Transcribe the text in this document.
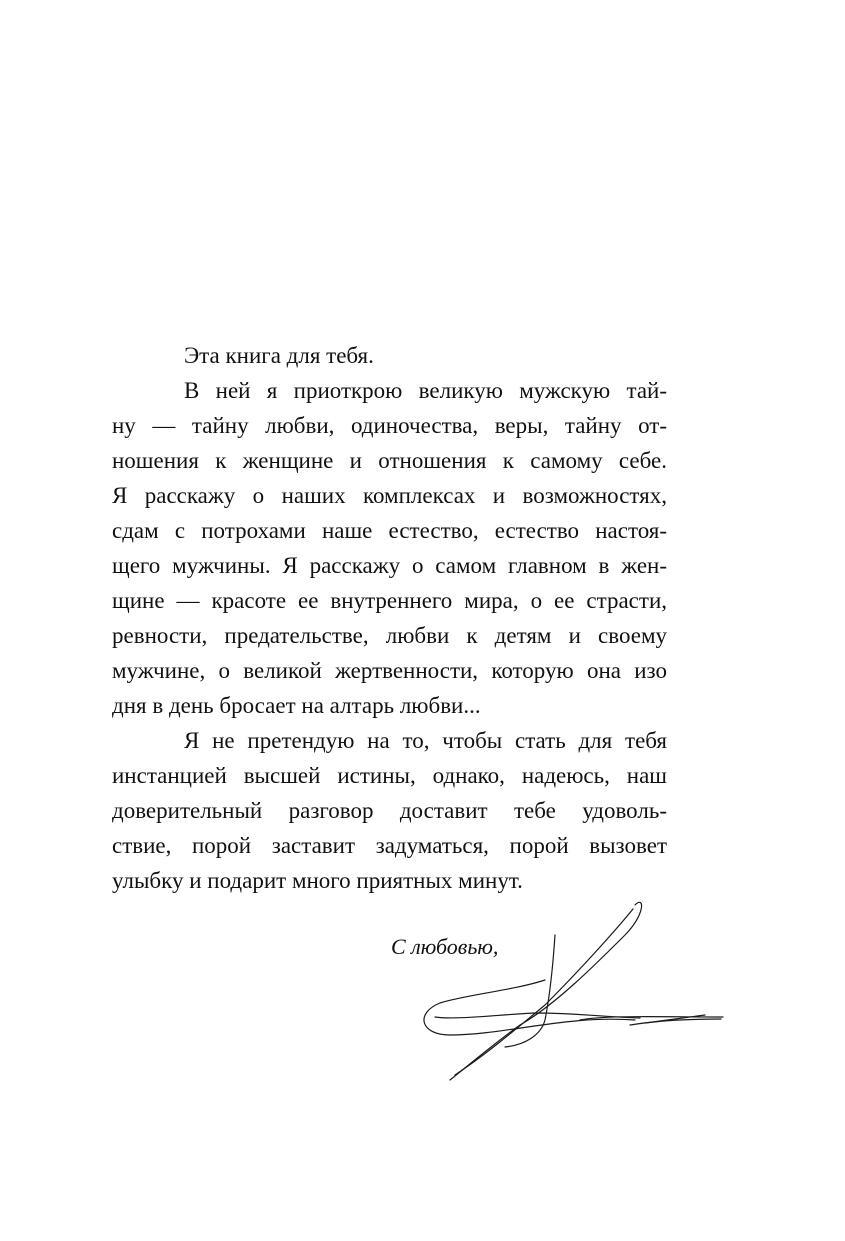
Эта книга для тебя.
В ней я приоткрою великую мужскую тай-
ну — тайну любви, одиночества, веры, тайну от-
ношения к женщине и отношения к самому себе.
Я расскажу о наших комплексах и возможностях,
сдам с потрохами наше естество, естество настоя-
щего мужчины. Я расскажу о самом главном в жен-
щине — красоте ее внутреннего мира, о ее страсти,
ревности, предательстве, любви к детям и своему
мужчине, о великой жертвенности, которую она изо
дня в день бросает на алтарь любви...
Я не претендую на то, чтобы стать для тебя
инстанцией высшей истины, однако, надеюсь, наш
доверительный разговор доставит тебе удоволь-
ствие, порой заставит задуматься, порой вызовет
улыбку и подарит много приятных минут.
С любовью,
